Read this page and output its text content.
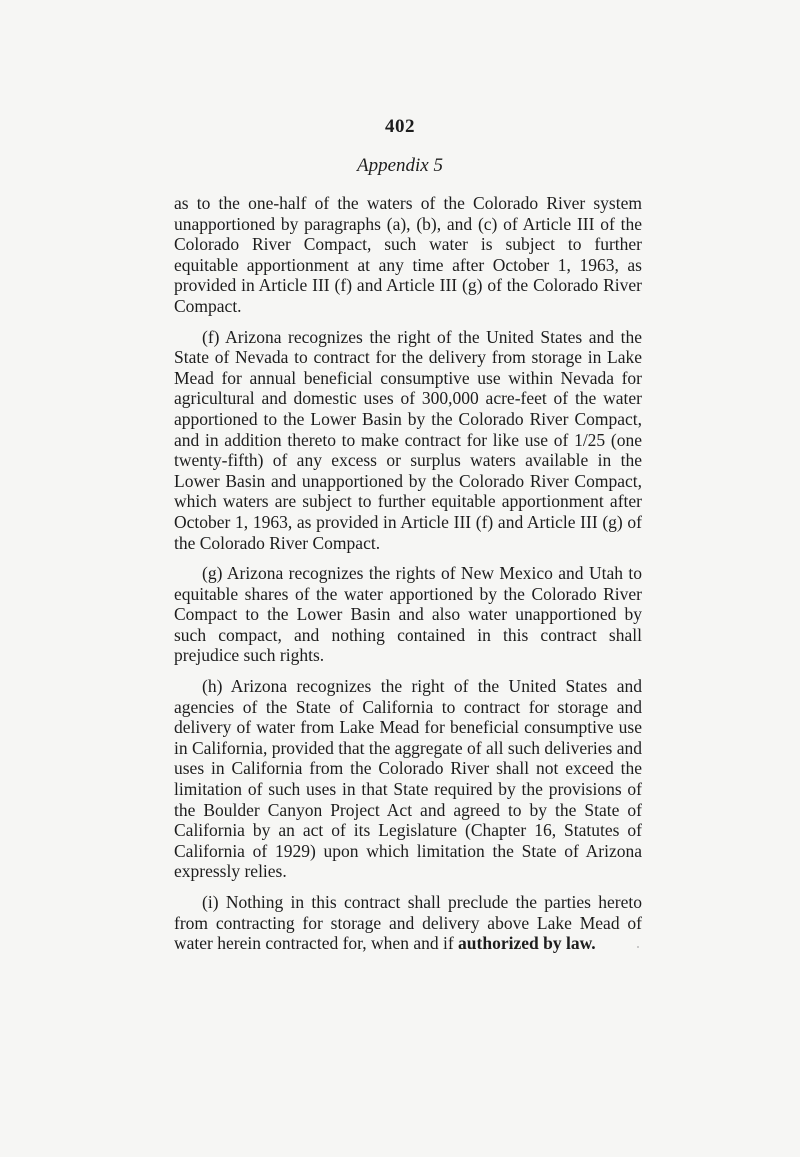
402
Appendix 5

as to the one-half of the waters of the Colorado River system unapportioned by paragraphs (a), (b), and (c) of Article III of the Colorado River Compact, such water is subject to further equitable apportionment at any time after October 1, 1963, as provided in Article III (f) and Article III (g) of the Colorado River Compact.

(f) Arizona recognizes the right of the United States and the State of Nevada to contract for the delivery from storage in Lake Mead for annual beneficial consumptive use within Nevada for agricultural and domestic uses of 300,000 acre-feet of the water apportioned to the Lower Basin by the Colorado River Compact, and in addition thereto to make contract for like use of 1/25 (one twenty-fifth) of any excess or surplus waters available in the Lower Basin and unapportioned by the Colorado River Compact, which waters are subject to further equitable apportionment after October 1, 1963, as provided in Article III (f) and Article III (g) of the Colorado River Compact.

(g) Arizona recognizes the rights of New Mexico and Utah to equitable shares of the water apportioned by the Colorado River Compact to the Lower Basin and also water unapportioned by such compact, and nothing contained in this contract shall prejudice such rights.

(h) Arizona recognizes the right of the United States and agencies of the State of California to contract for storage and delivery of water from Lake Mead for beneficial consumptive use in California, provided that the aggregate of all such deliveries and uses in California from the Colorado River shall not exceed the limitation of such uses in that State required by the provisions of the Boulder Canyon Project Act and agreed to by the State of California by an act of its Legislature (Chapter 16, Statutes of California of 1929) upon which limitation the State of Arizona expressly relies.

(i) Nothing in this contract shall preclude the parties hereto from contracting for storage and delivery above Lake Mead of water herein contracted for, when and if authorized by law.
